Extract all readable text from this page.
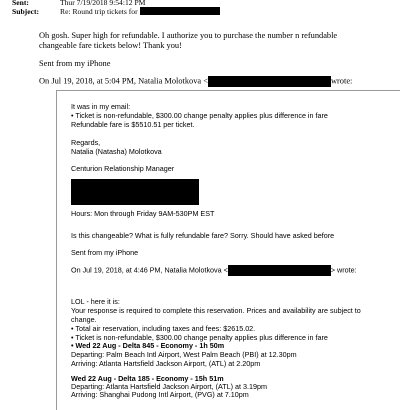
Sent:	Thur 7/19/2018 9:54:12 PM
Subject:	Re: Round trip tickets for
Oh gosh. Super high for refundable. I authorize you to purchase the number n refundable
changeable fare tickets below! Thank you!
Sent from my iPhone
On Jul 19, 2018, at 5:04 PM, Natalia Molotkova <	wrote:
It was in my email:
• Ticket is non-refundable, $300.00 change penalty applies plus difference in fare
Refundable fare is $5510.51 per ticket.
Regards,
Natalia (Natasha) Molotkova
Centurion Relationship Manager
Hours: Mon through Friday 9AM-530PM EST
Is this changeable? What is fully refundable fare? Sorry. Should have asked before
Sent from my iPhone
On Jul 19, 2018, at 4:46 PM, Natalia Molotkova <	> wrote:
LOL - here it is:
Your response is required to complete this reservation. Prices and availability are subject to
change.
• Total air reservation, including taxes and fees: $2615.02.
• Ticket is non-refundable, $300.00 change penalty applies plus difference in fare
• Wed 22 Aug - Delta 845 - Economy - 1h 50m
Departing: Palm Beach Intl Airport, West Palm Beach (PBI) at 12.30pm
Arriving: Atlanta Hartsfield Jackson Airport, (ATL) at 2.20pm
Wed 22 Aug - Delta 185 - Economy - 15h 51m
Departing: Atlanta Hartsfield Jackson Airport, (ATL) at 3.19pm
Arriving: Shanghai Pudong Intl Airport, (PVG) at 7.10pm
